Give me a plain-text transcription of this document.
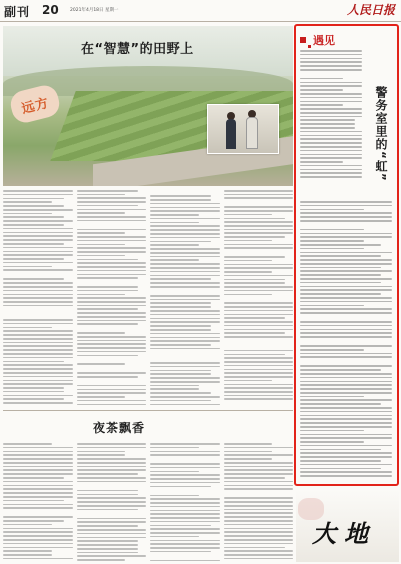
副刊 20	2021年4月18日 星期一	人民日报
在“智慧”的田野上
远方
夜茶飘香
遇见
警务室里的“虹”
大地
